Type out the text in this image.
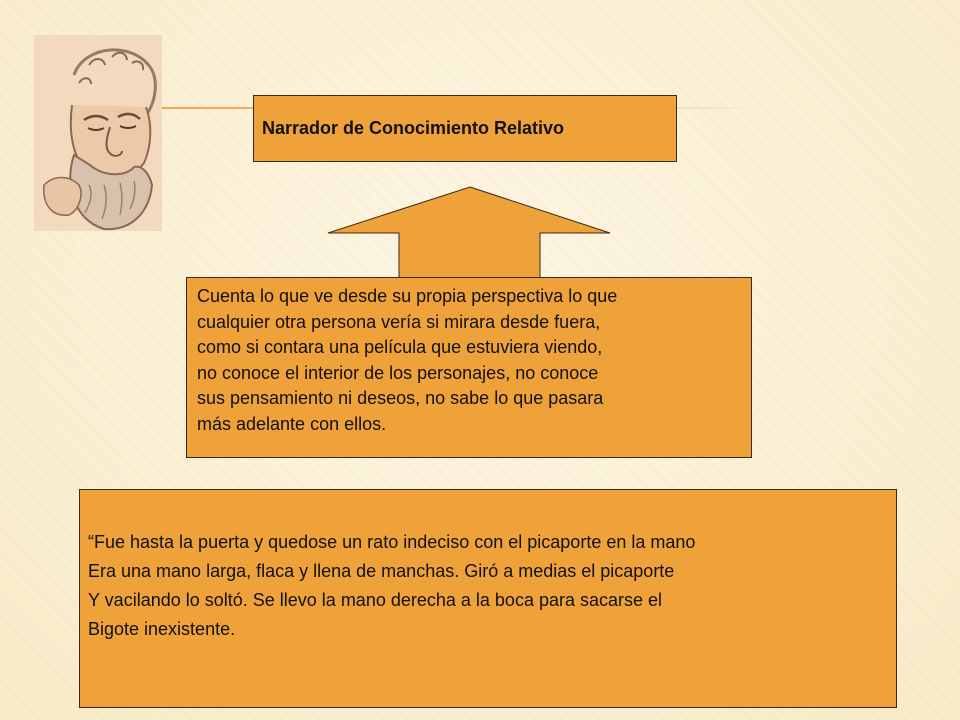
Narrador de Conocimiento Relativo

Cuenta lo que ve desde su propia perspectiva lo que

cualquier otra persona vería si mirara desde fuera,

como si contara una película que estuviera viendo,

no conoce el interior de los personajes, no conoce

sus pensamiento ni deseos, no sabe lo que pasara

más adelante con ellos.

“Fue hasta la puerta y quedose un rato indeciso con el picaporte en la mano

Era una mano larga, flaca y llena de manchas. Giró a medias el picaporte

Y vacilando lo soltó. Se llevo la mano derecha a la boca para sacarse el

Bigote inexistente.
